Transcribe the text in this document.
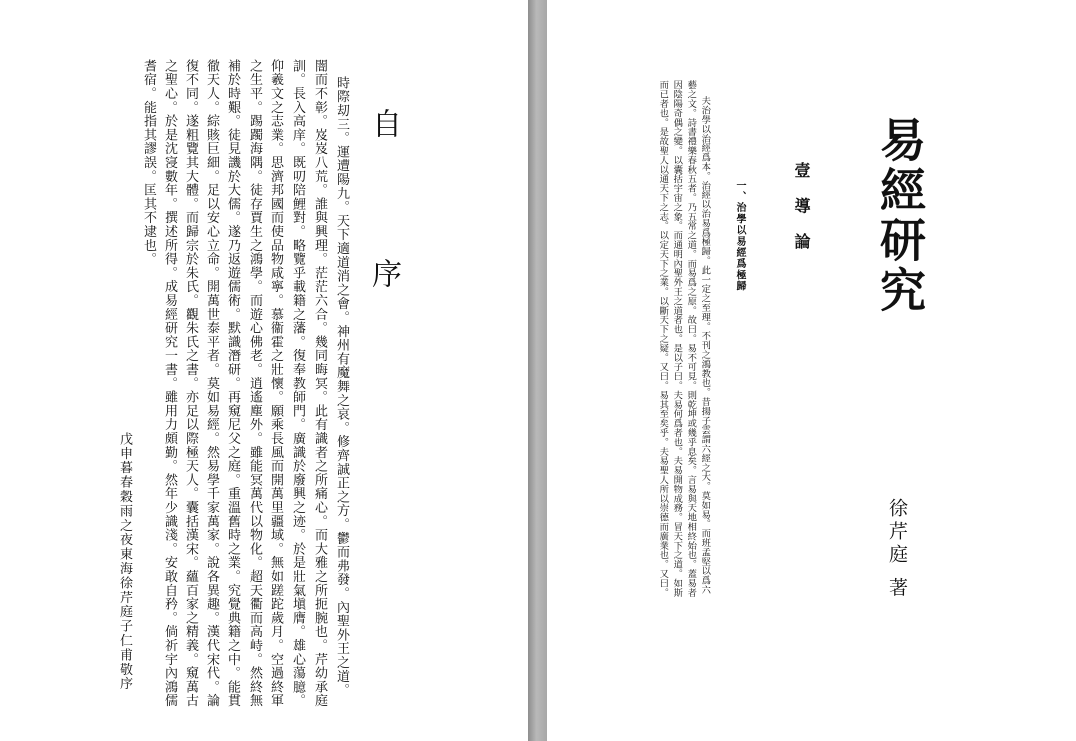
自
序
時際刧三。運遭陽九。天下適道消之會。神州有魔舞之哀。修齊誠正之方。鬱而弗發。內聖外王之道。
闇而不彰。岌岌八荒。誰與興理。茫茫六合。幾同晦冥。此有識者之所痛心。而大雅之所扼腕也。芹幼承庭
訓。長入高庠。既叨陪鯉對。略覽乎載籍之藩。復奉教師門。廣識於廢興之迹。於是壯氣塡膺。雄心蕩臆。
仰羲文之志業。思濟邦國而使品物咸寧。慕衞霍之壯懷。願乘長風而開萬里疆域。無如蹉跎歲月。空過終軍
之生平。踢躅海隅。徒存賈生之鴻學。而遊心佛老。逍遙塵外。雖能冥萬代以物化。超天衢而高峙。然終無
補於時艱。徒見譏於大儒。遂乃返遊儒術。默識潛研。再窺尼父之庭。重溫舊時之業。究覺典籍之中。能貫
徹天人。綜賅巨細。足以安心立命。開萬世泰平者。莫如易經。然易學千家萬家。說各異趣。漢代宋代。論
復不同。遂粗覽其大體。而歸宗於朱氏。觀朱氏之書。亦足以際極天人。囊括漢宋。蘊百家之精義。窺萬古
之聖心。於是沈寖數年。撰述所得。成易經研究一書。雖用力頗勤。然年少識淺。安敢自矜。倘祈宇內鴻儒
耆宿。能指其謬誤。匡其不逮也。
戊申暮春穀雨之夜東海徐芹庭子仁甫敬序
易經研究
壹 導 論
一、治學以易經爲極歸
夫治學以治經爲本。治經以治易爲極歸。此一定之至理。不刊之鴻教也。昔揚子雲謂六經之大。莫如易。而班孟堅以爲六
藝之文。詩書禮樂春秋五者。乃五常之道。而易爲之原。故曰。易不可見。則乾坤或幾乎息矣。言易與天地相終始也。蓋易者
因陰陽奇偶之變。以囊括宇宙之象。而通明內聖外王之道者也。是以子曰。夫易何爲者也。夫易開物成務。冒天下之道。如斯
而已者也。是故聖人以通天下之志。以定天下之業。以斷天下之疑。又曰。易其至矣乎。夫易聖人所以崇德而廣業也。又曰。	徐芹庭 著
